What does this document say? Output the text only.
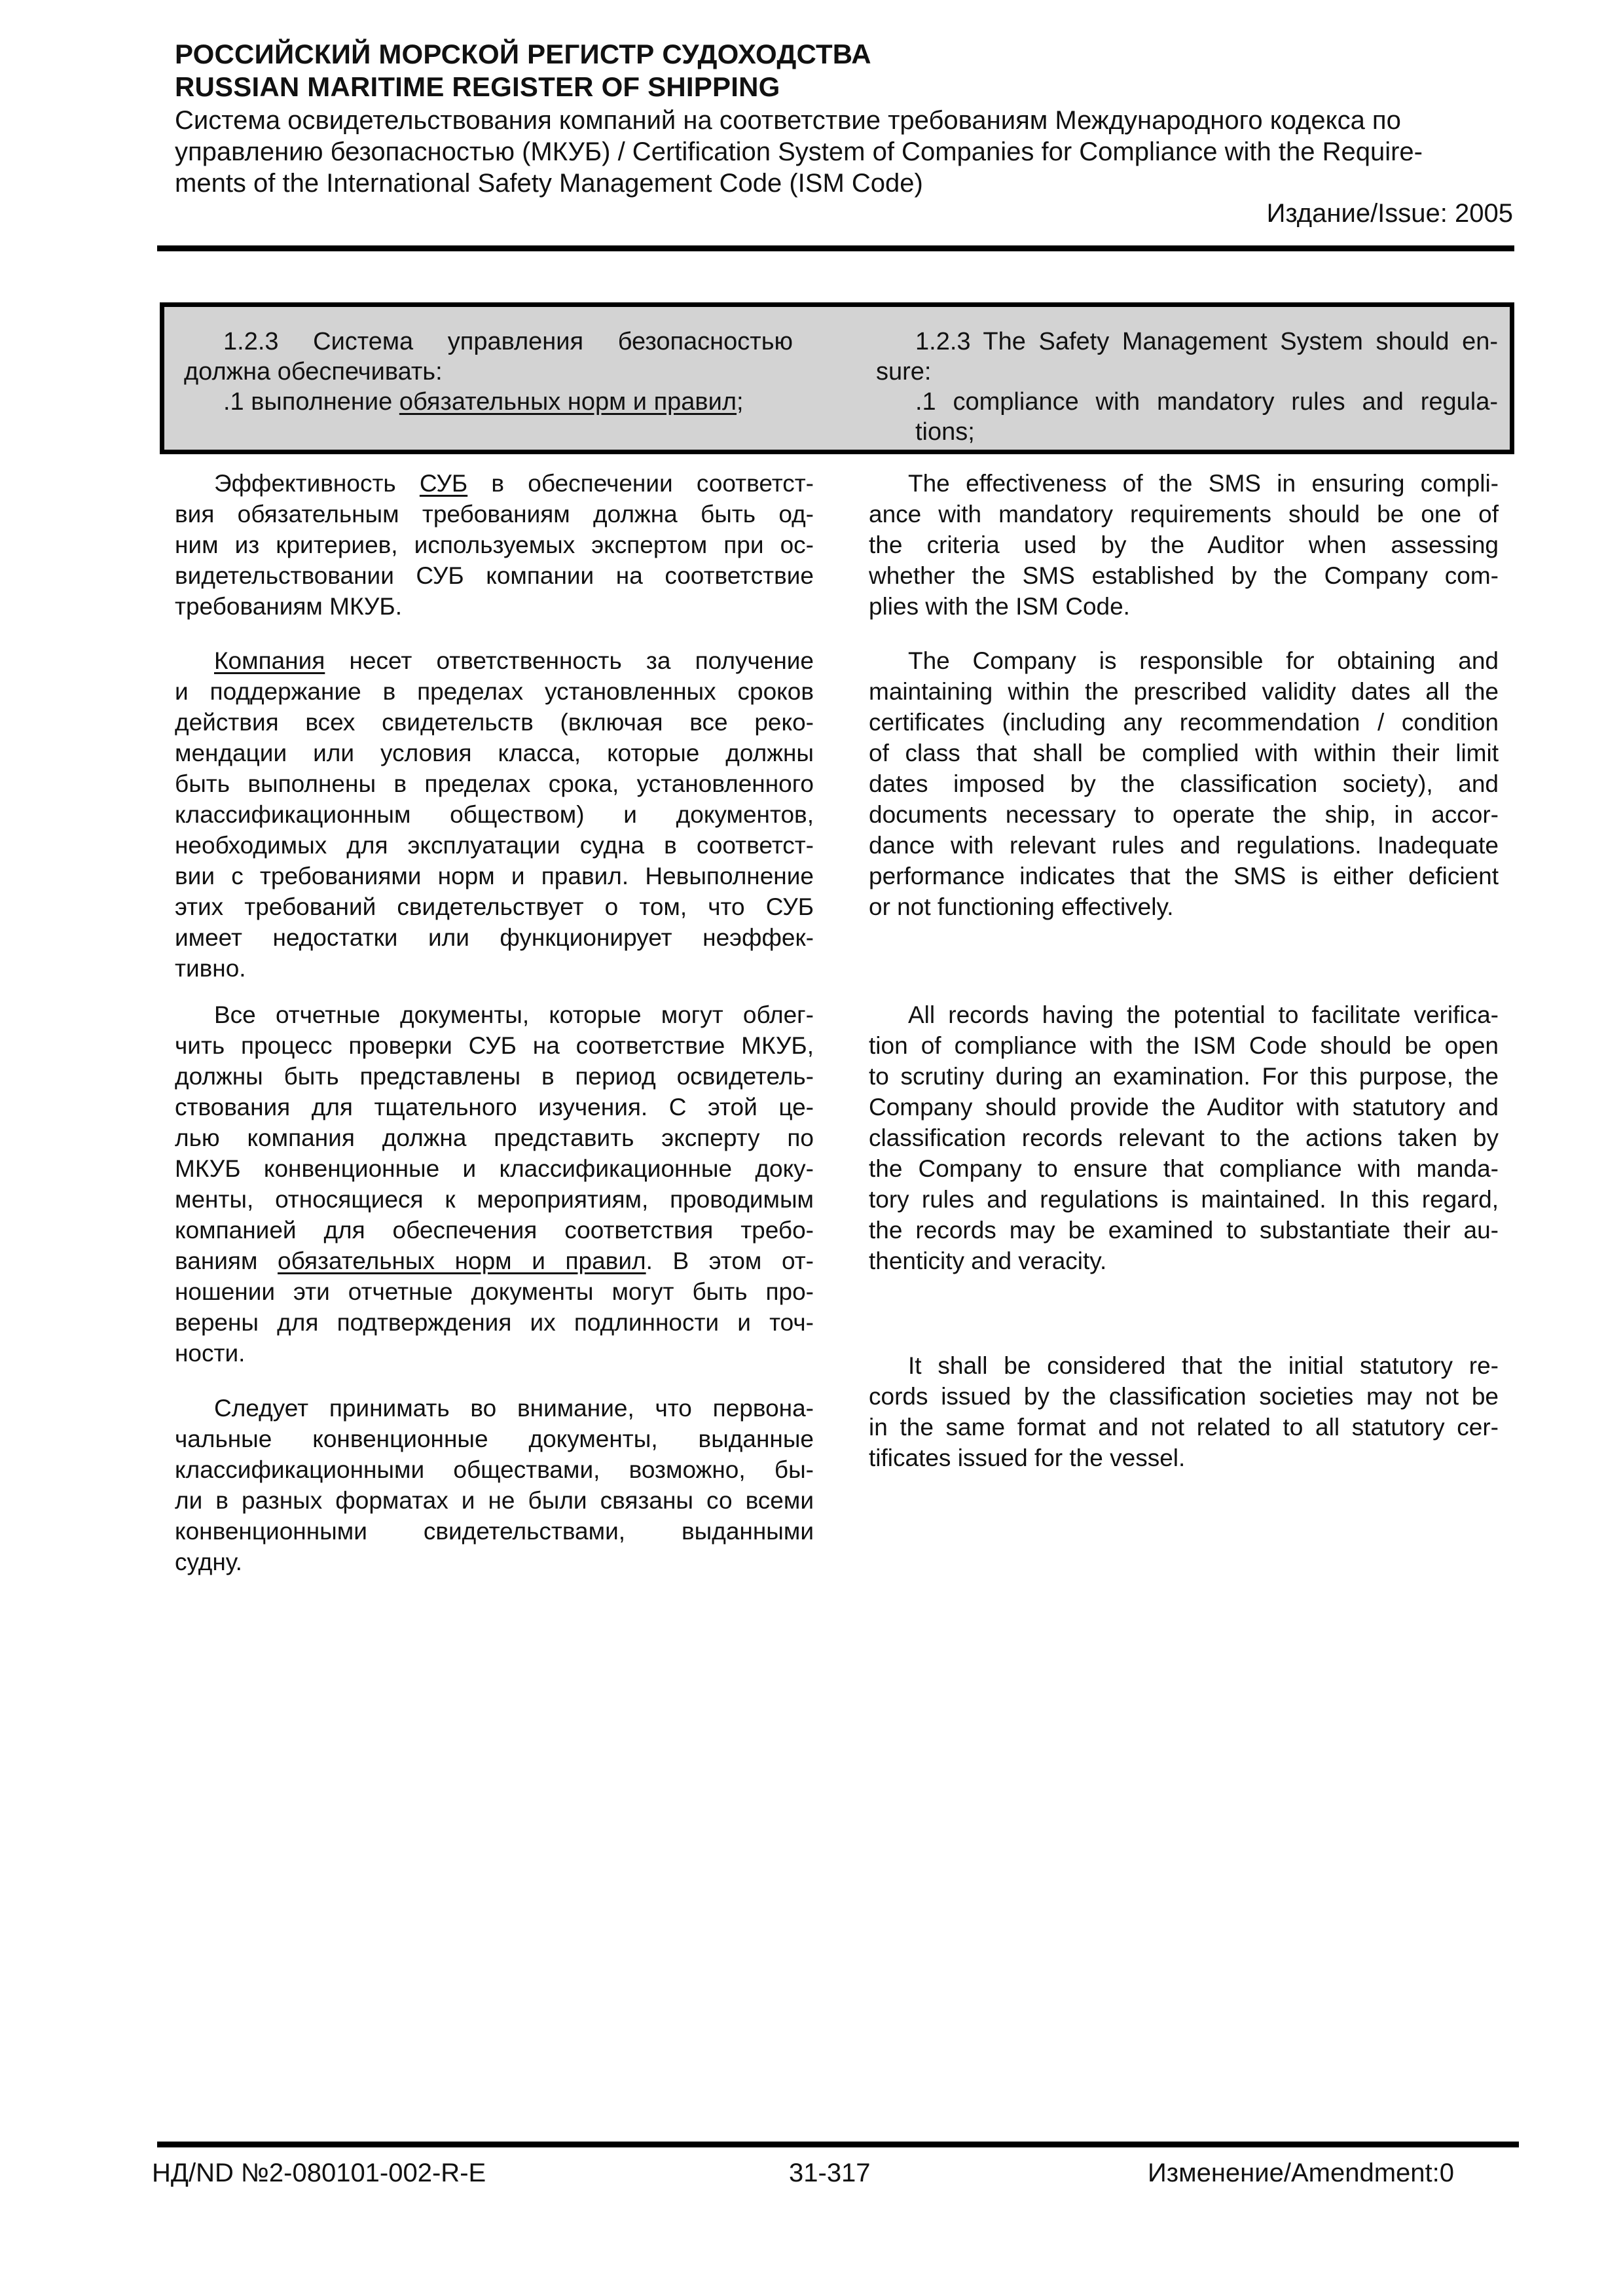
РОССИЙСКИЙ МОРСКОЙ РЕГИСТР СУДОХОДСТВА
RUSSIAN MARITIME REGISTER OF SHIPPING
Система освидетельствования компаний на соответствие требованиям Международного кодекса по
управлению безопасностью (МКУБ) / Certification System of Companies for Compliance with the Require-
ments of the International Safety Management Code (ISM Code)
Издание/Issue: 2005
1.2.3 Система управления безопасностью
должна обеспечивать:
.1 выполнение обязательных норм и правил;
1.2.3 The Safety Management System should en-
sure:
.1 compliance with mandatory rules and regula-
tions;
Эффективность СУБ в обеспечении соответст-
вия обязательным требованиям должна быть од-
ним из критериев, используемых экспертом при ос-
видетельствовании СУБ компании на соответствие
требованиям МКУБ.
Компания несет ответственность за получение
и поддержание в пределах установленных сроков
действия всех свидетельств (включая все реко-
мендации или условия класса, которые должны
быть выполнены в пределах срока, установленного
классификационным обществом) и документов,
необходимых для эксплуатации судна в соответст-
вии с требованиями норм и правил. Невыполнение
этих требований свидетельствует о том, что СУБ
имеет недостатки или функционирует неэффек-
тивно.
Все отчетные документы, которые могут облег-
чить процесс проверки СУБ на соответствие МКУБ,
должны быть представлены в период освидетель-
ствования для тщательного изучения. С этой це-
лью компания должна представить эксперту по
МКУБ конвенционные и классификационные доку-
менты, относящиеся к мероприятиям, проводимым
компанией для обеспечения соответствия требо-
ваниям обязательных норм и правил. В этом от-
ношении эти отчетные документы могут быть про-
верены для подтверждения их подлинности и точ-
ности.
Следует принимать во внимание, что первона-
чальные конвенционные документы, выданные
классификационными обществами, возможно, бы-
ли в разных форматах и не были связаны со всеми
конвенционными свидетельствами, выданными
судну.
The effectiveness of the SMS in ensuring compli-
ance with mandatory requirements should be one of
the criteria used by the Auditor when assessing
whether the SMS established by the Company com-
plies with the ISM Code.
The Company is responsible for obtaining and
maintaining within the prescribed validity dates all the
certificates (including any recommendation / condition
of class that shall be complied with within their limit
dates imposed by the classification society), and
documents necessary to operate the ship, in accor-
dance with relevant rules and regulations. Inadequate
performance indicates that the SMS is either deficient
or not functioning effectively.
All records having the potential to facilitate verifica-
tion of compliance with the ISM Code should be open
to scrutiny during an examination. For this purpose, the
Company should provide the Auditor with statutory and
classification records relevant to the actions taken by
the Company to ensure that compliance with manda-
tory rules and regulations is maintained. In this regard,
the records may be examined to substantiate their au-
thenticity and veracity.
It shall be considered that the initial statutory re-
cords issued by the classification societies may not be
in the same format and not related to all statutory cer-
tificates issued for the vessel.
НД/ND №2-080101-002-R-E	31-317	Изменение/Amendment:0
